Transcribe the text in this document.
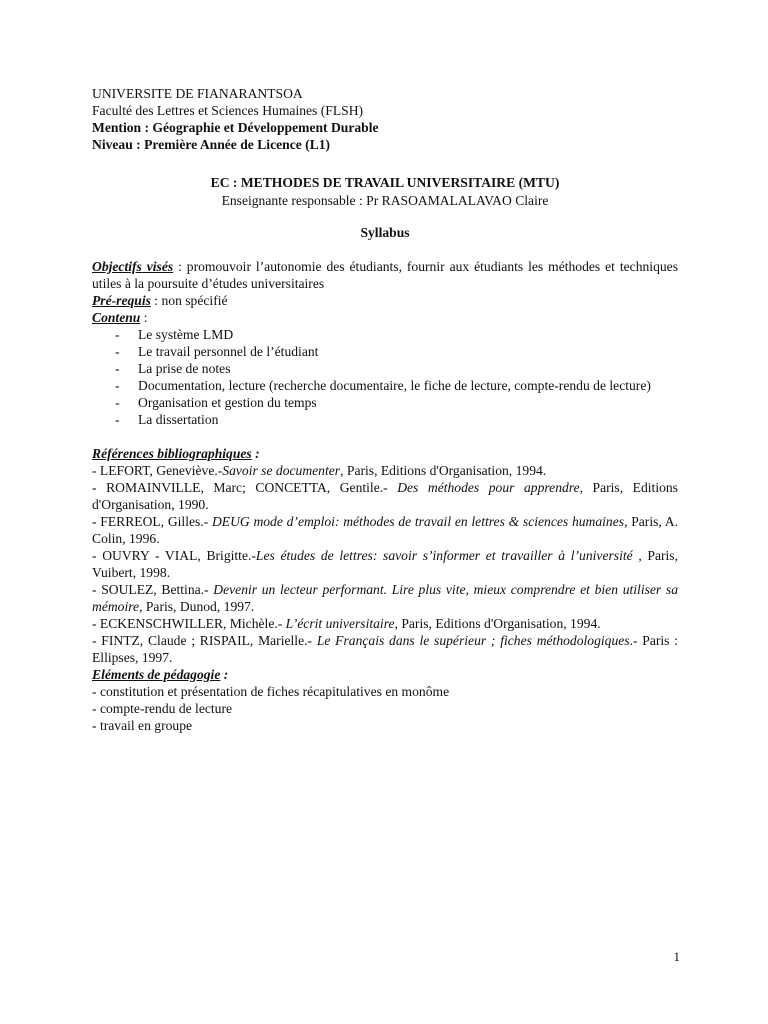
UNIVERSITE DE FIANARANTSOA
Faculté des Lettres et Sciences Humaines (FLSH)
Mention : Géographie et Développement Durable
Niveau : Première Année de Licence (L1)
EC : METHODES DE TRAVAIL UNIVERSITAIRE (MTU)
Enseignante responsable : Pr RASOAMALALAVAO Claire
Syllabus
Objectifs visés : promouvoir l’autonomie des étudiants, fournir aux étudiants les méthodes et techniques utiles à la poursuite d’études universitaires
Pré-requis : non spécifié
Contenu :
- Le système LMD
- Le travail personnel de l’étudiant
- La prise de notes
- Documentation, lecture (recherche documentaire, le fiche de lecture, compte-rendu de lecture)
- Organisation et gestion du temps
- La dissertation
Références bibliographiques :
- LEFORT, Geneviève.-Savoir se documenter, Paris, Editions d'Organisation, 1994.
- ROMAINVILLE, Marc; CONCETTA, Gentile.- Des méthodes pour apprendre, Paris, Editions d'Organisation, 1990.
- FERREOL, Gilles.- DEUG mode d’emploi: méthodes de travail en lettres & sciences humaines, Paris, A. Colin, 1996.
- OUVRY - VIAL, Brigitte.-Les études de lettres: savoir s’informer et travailler à l’université , Paris, Vuibert, 1998.
- SOULEZ, Bettina.- Devenir un lecteur performant. Lire plus vite, mieux comprendre et bien utiliser sa mémoire, Paris, Dunod, 1997.
- ECKENSCHWILLER, Michèle.- L’écrit universitaire, Paris, Editions d'Organisation, 1994.
- FINTZ, Claude ; RISPAIL, Marielle.- Le Français dans le supérieur ; fiches méthodologiques.- Paris : Ellipses, 1997.
Eléments de pédagogie :
- constitution et présentation de fiches récapitulatives en monôme
- compte-rendu de lecture
- travail en groupe
1
